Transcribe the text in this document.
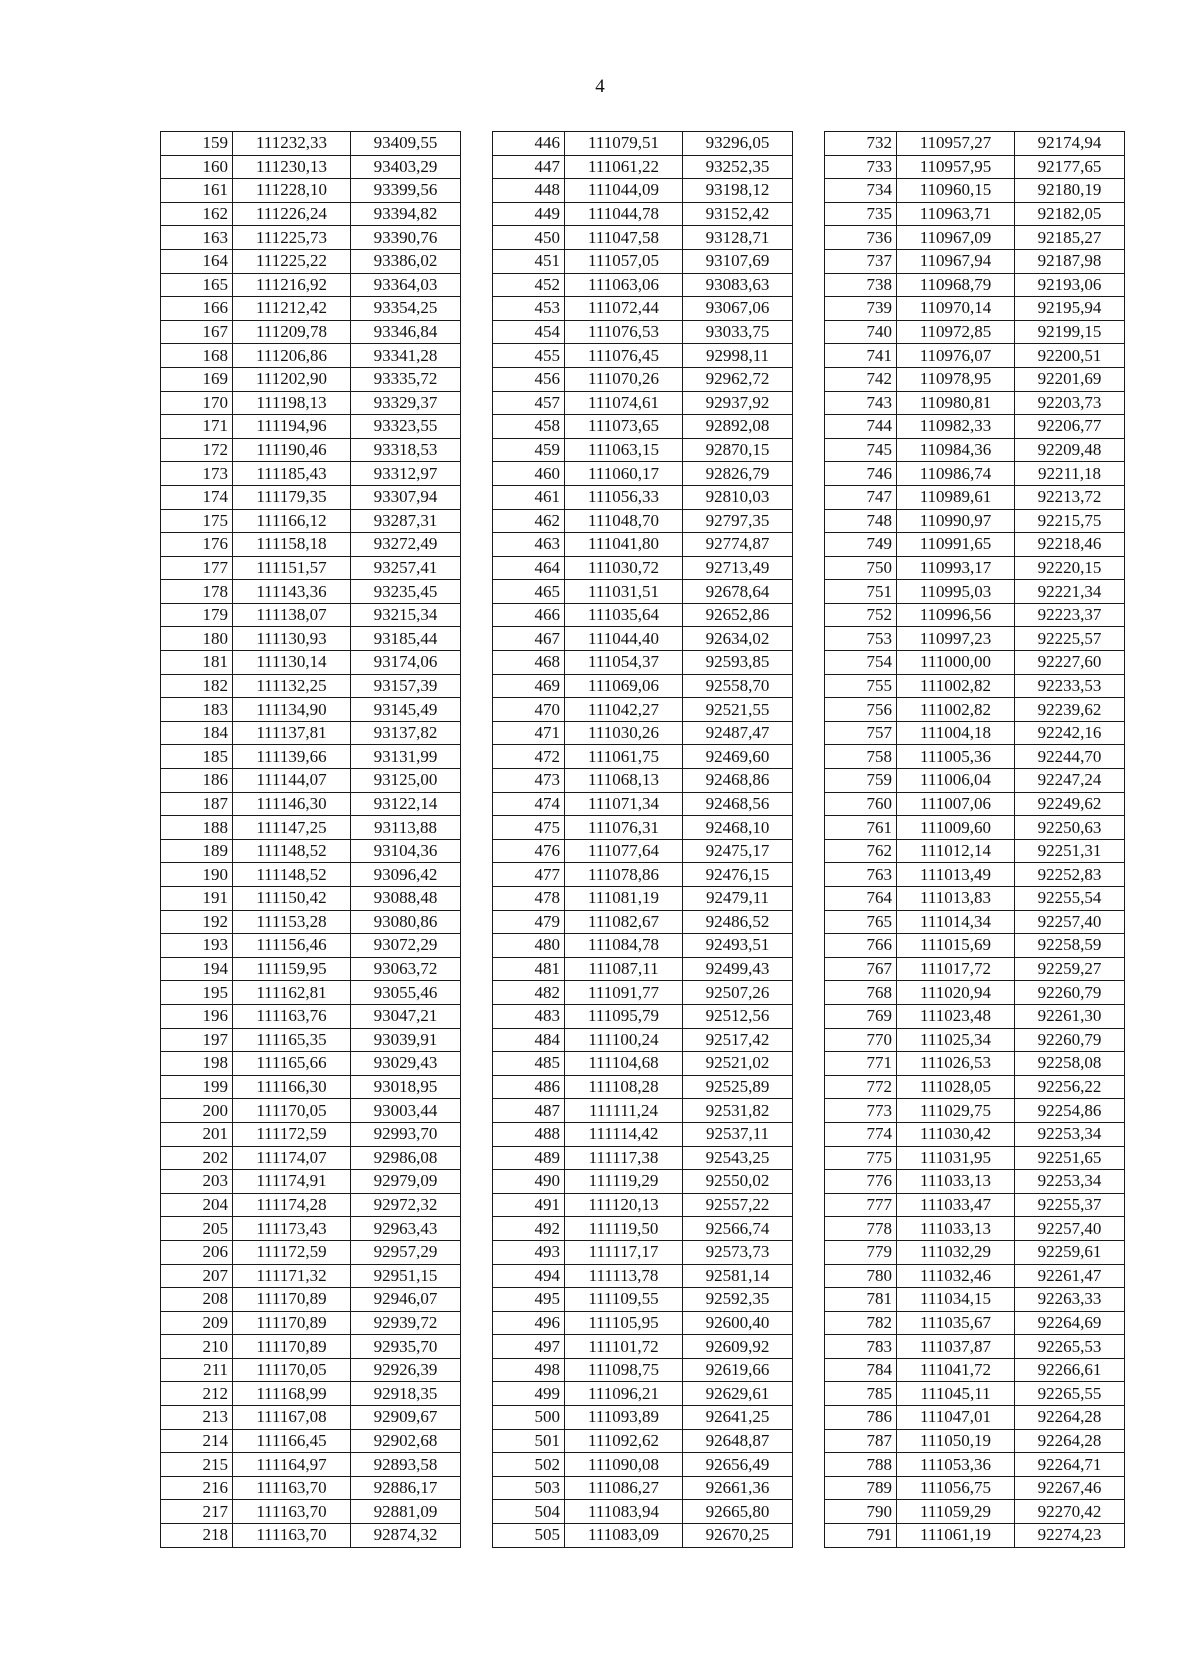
4
159	111232,33	93409,55		446	111079,51	93296,05		732	110957,27	92174,94
160	111230,13	93403,29		447	111061,22	93252,35		733	110957,95	92177,65
161	111228,10	93399,56		448	111044,09	93198,12		734	110960,15	92180,19
162	111226,24	93394,82		449	111044,78	93152,42		735	110963,71	92182,05
163	111225,73	93390,76		450	111047,58	93128,71		736	110967,09	92185,27
164	111225,22	93386,02		451	111057,05	93107,69		737	110967,94	92187,98
165	111216,92	93364,03		452	111063,06	93083,63		738	110968,79	92193,06
166	111212,42	93354,25		453	111072,44	93067,06		739	110970,14	92195,94
167	111209,78	93346,84		454	111076,53	93033,75		740	110972,85	92199,15
168	111206,86	93341,28		455	111076,45	92998,11		741	110976,07	92200,51
169	111202,90	93335,72		456	111070,26	92962,72		742	110978,95	92201,69
170	111198,13	93329,37		457	111074,61	92937,92		743	110980,81	92203,73
171	111194,96	93323,55		458	111073,65	92892,08		744	110982,33	92206,77
172	111190,46	93318,53		459	111063,15	92870,15		745	110984,36	92209,48
173	111185,43	93312,97		460	111060,17	92826,79		746	110986,74	92211,18
174	111179,35	93307,94		461	111056,33	92810,03		747	110989,61	92213,72
175	111166,12	93287,31		462	111048,70	92797,35		748	110990,97	92215,75
176	111158,18	93272,49		463	111041,80	92774,87		749	110991,65	92218,46
177	111151,57	93257,41		464	111030,72	92713,49		750	110993,17	92220,15
178	111143,36	93235,45		465	111031,51	92678,64		751	110995,03	92221,34
179	111138,07	93215,34		466	111035,64	92652,86		752	110996,56	92223,37
180	111130,93	93185,44		467	111044,40	92634,02		753	110997,23	92225,57
181	111130,14	93174,06		468	111054,37	92593,85		754	111000,00	92227,60
182	111132,25	93157,39		469	111069,06	92558,70		755	111002,82	92233,53
183	111134,90	93145,49		470	111042,27	92521,55		756	111002,82	92239,62
184	111137,81	93137,82		471	111030,26	92487,47		757	111004,18	92242,16
185	111139,66	93131,99		472	111061,75	92469,60		758	111005,36	92244,70
186	111144,07	93125,00		473	111068,13	92468,86		759	111006,04	92247,24
187	111146,30	93122,14		474	111071,34	92468,56		760	111007,06	92249,62
188	111147,25	93113,88		475	111076,31	92468,10		761	111009,60	92250,63
189	111148,52	93104,36		476	111077,64	92475,17		762	111012,14	92251,31
190	111148,52	93096,42		477	111078,86	92476,15		763	111013,49	92252,83
191	111150,42	93088,48		478	111081,19	92479,11		764	111013,83	92255,54
192	111153,28	93080,86		479	111082,67	92486,52		765	111014,34	92257,40
193	111156,46	93072,29		480	111084,78	92493,51		766	111015,69	92258,59
194	111159,95	93063,72		481	111087,11	92499,43		767	111017,72	92259,27
195	111162,81	93055,46		482	111091,77	92507,26		768	111020,94	92260,79
196	111163,76	93047,21		483	111095,79	92512,56		769	111023,48	92261,30
197	111165,35	93039,91		484	111100,24	92517,42		770	111025,34	92260,79
198	111165,66	93029,43		485	111104,68	92521,02		771	111026,53	92258,08
199	111166,30	93018,95		486	111108,28	92525,89		772	111028,05	92256,22
200	111170,05	93003,44		487	111111,24	92531,82		773	111029,75	92254,86
201	111172,59	92993,70		488	111114,42	92537,11		774	111030,42	92253,34
202	111174,07	92986,08		489	111117,38	92543,25		775	111031,95	92251,65
203	111174,91	92979,09		490	111119,29	92550,02		776	111033,13	92253,34
204	111174,28	92972,32		491	111120,13	92557,22		777	111033,47	92255,37
205	111173,43	92963,43		492	111119,50	92566,74		778	111033,13	92257,40
206	111172,59	92957,29		493	111117,17	92573,73		779	111032,29	92259,61
207	111171,32	92951,15		494	111113,78	92581,14		780	111032,46	92261,47
208	111170,89	92946,07		495	111109,55	92592,35		781	111034,15	92263,33
209	111170,89	92939,72		496	111105,95	92600,40		782	111035,67	92264,69
210	111170,89	92935,70		497	111101,72	92609,92		783	111037,87	92265,53
211	111170,05	92926,39		498	111098,75	92619,66		784	111041,72	92266,61
212	111168,99	92918,35		499	111096,21	92629,61		785	111045,11	92265,55
213	111167,08	92909,67		500	111093,89	92641,25		786	111047,01	92264,28
214	111166,45	92902,68		501	111092,62	92648,87		787	111050,19	92264,28
215	111164,97	92893,58		502	111090,08	92656,49		788	111053,36	92264,71
216	111163,70	92886,17		503	111086,27	92661,36		789	111056,75	92267,46
217	111163,70	92881,09		504	111083,94	92665,80		790	111059,29	92270,42
218	111163,70	92874,32		505	111083,09	92670,25		791	111061,19	92274,23
